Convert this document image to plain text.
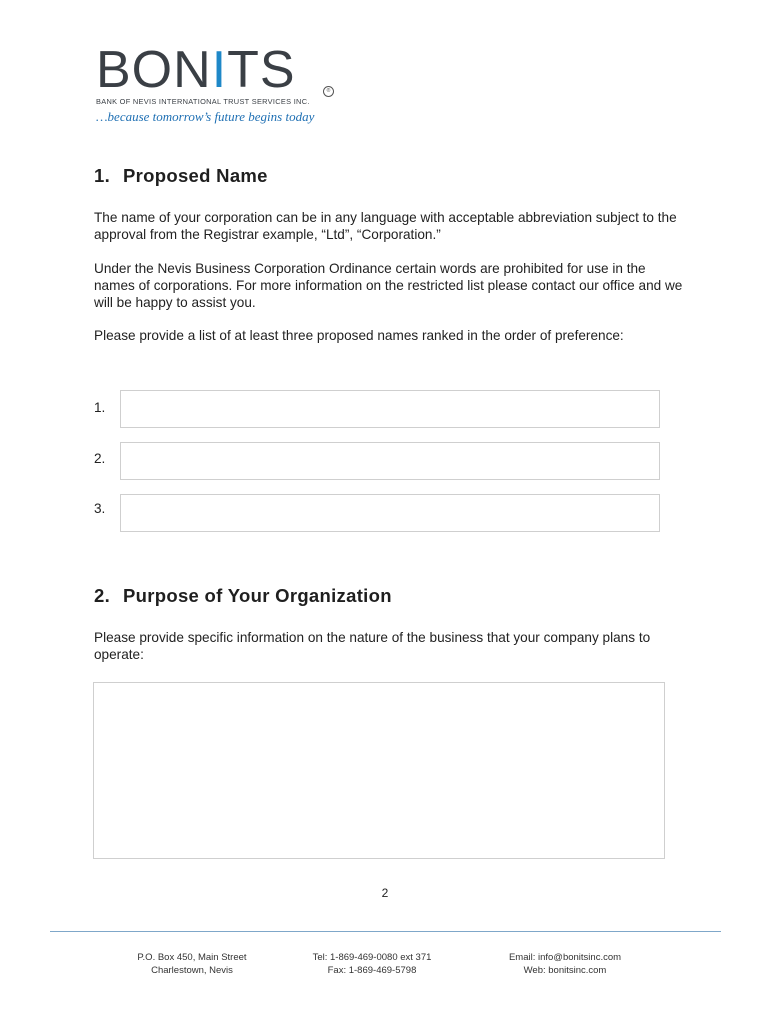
BONITS	®
BANK OF NEVIS INTERNATIONAL TRUST SERVICES INC.
…because tomorrow’s future begins today
1. Proposed Name
The name of your corporation can be in any language with acceptable abbreviation subject to the approval from the Registrar example, “Ltd”, “Corporation.”
Under the Nevis Business Corporation Ordinance certain words are prohibited for use in the names of corporations. For more information on the restricted list please contact our office and we will be happy to assist you.
Please provide a list of at least three proposed names ranked in the order of preference:
1.
2.
3.
2. Purpose of Your Organization
Please provide specific information on the nature of the business that your company plans to operate:
2
P.O. Box 450, Main Street
Charlestown, Nevis
Tel: 1-869-469-0080 ext 371
Fax: 1-869-469-5798
Email: info@bonitsinc.com
Web: bonitsinc.com
